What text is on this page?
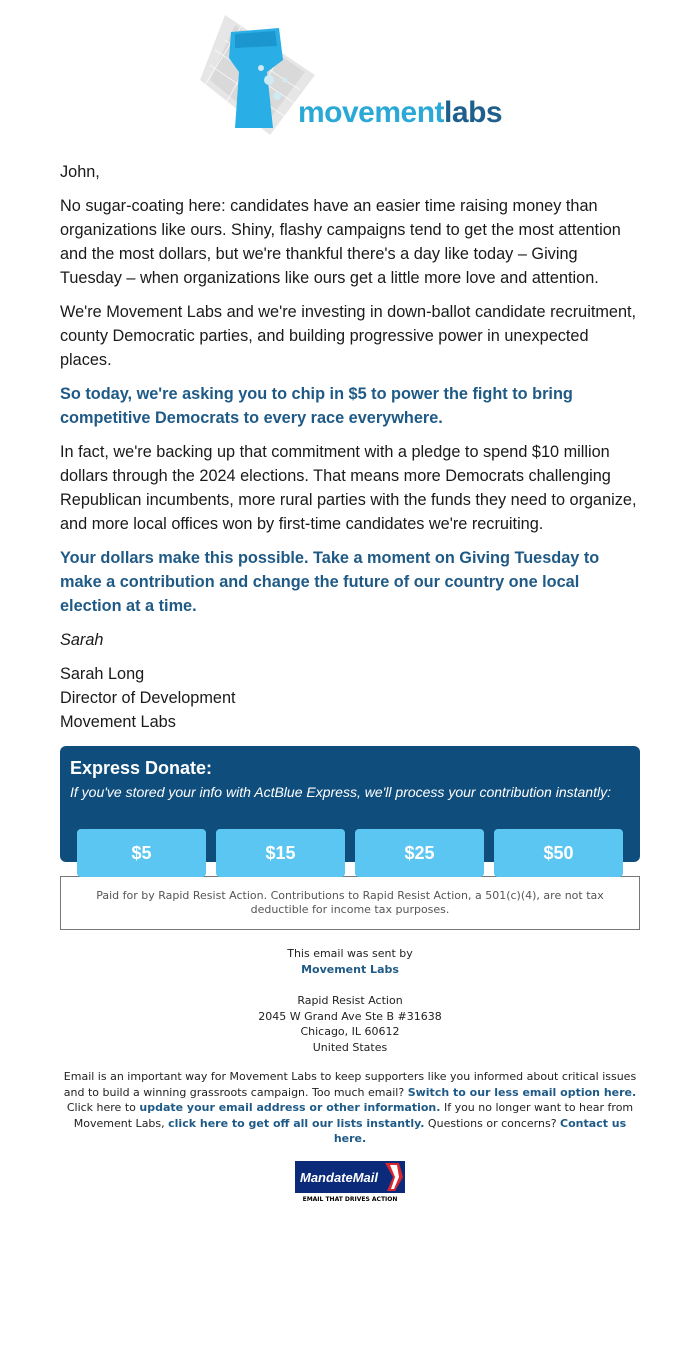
movementlabs

John,

No sugar-coating here: candidates have an easier time raising money than organizations like ours. Shiny, flashy campaigns tend to get the most attention and the most dollars, but we're thankful there's a day like today – Giving Tuesday – when organizations like ours get a little more love and attention.

We're Movement Labs and we're investing in down-ballot candidate recruitment, county Democratic parties, and building progressive power in unexpected places.

So today, we're asking you to chip in $5 to power the fight to bring competitive Democrats to every race everywhere.

In fact, we're backing up that commitment with a pledge to spend $10 million dollars through the 2024 elections. That means more Democrats challenging Republican incumbents, more rural parties with the funds they need to organize, and more local offices won by first-time candidates we're recruiting.

Your dollars make this possible. Take a moment on Giving Tuesday to make a contribution and change the future of our country one local election at a time.

Sarah

Sarah Long

Director of Development

Movement Labs

Express Donate:
If you've stored your info with ActBlue Express, we'll process your contribution instantly:
$5	$15	$25	$50
Paid for by Rapid Resist Action. Contributions to Rapid Resist Action, a 501(c)(4), are not tax deductible for income tax purposes.
This email was sent by
Movement Labs
Rapid Resist Action
2045 W Grand Ave Ste B #31638
Chicago, IL 60612
United States
Email is an important way for Movement Labs to keep supporters like you informed about critical issues and to build a winning grassroots campaign. Too much email? Switch to our less email option here. Click here to update your email address or other information. If you no longer want to hear from Movement Labs, click here to get off all our lists instantly. Questions or concerns? Contact us here.
MandateMail
EMAIL THAT DRIVES ACTION
